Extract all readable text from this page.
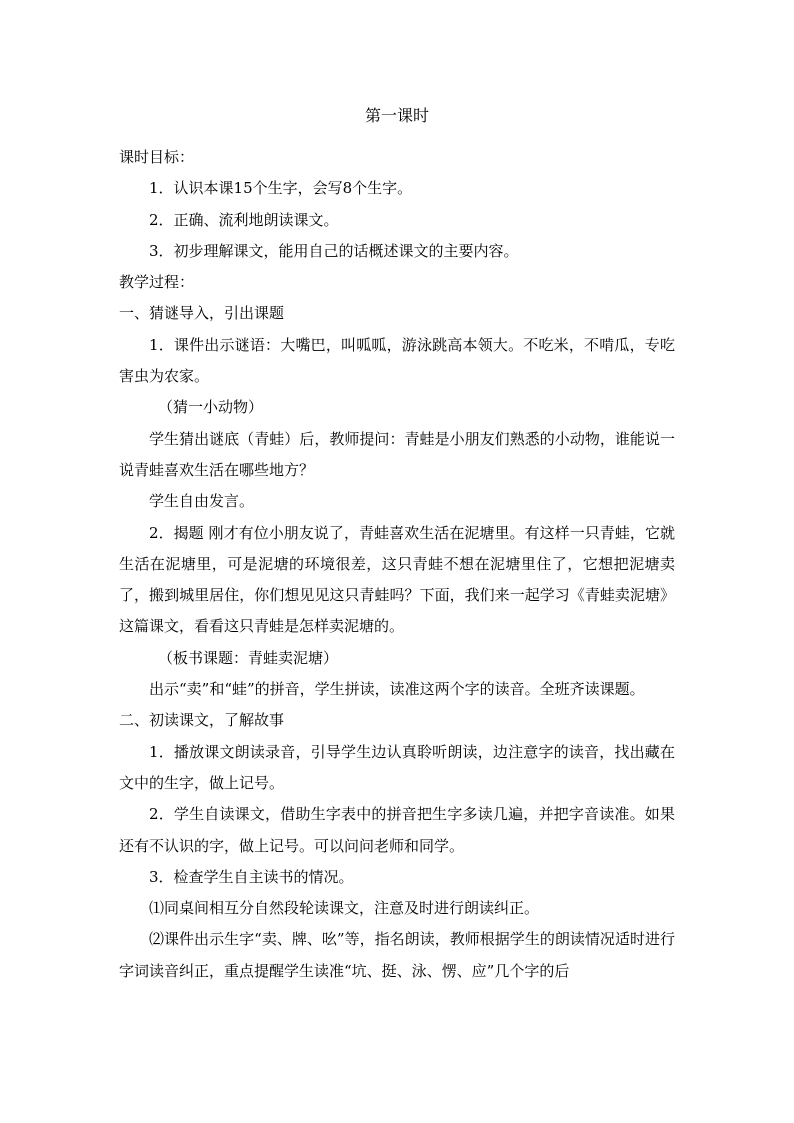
第一课时

课时目标：

1．认识本课15个生字，会写8个生字。

2．正确、流利地朗读课文。

3．初步理解课文，能用自己的话概述课文的主要内容。

教学过程：

一、猜谜导入，引出课题

1．课件出示谜语：大嘴巴，叫呱呱，游泳跳高本领大。不吃米，不啃瓜，专吃害虫为农家。

（猜一小动物）

学生猜出谜底（青蛙）后，教师提问：青蛙是小朋友们熟悉的小动物，谁能说一说青蛙喜欢生活在哪些地方？

学生自由发言。

2．揭题 刚才有位小朋友说了，青蛙喜欢生活在泥塘里。有这样一只青蛙，它就生活在泥塘里，可是泥塘的环境很差，这只青蛙不想在泥塘里住了，它想把泥塘卖了，搬到城里居住，你们想见见这只青蛙吗？下面，我们来一起学习《青蛙卖泥塘》这篇课文，看看这只青蛙是怎样卖泥塘的。

（板书课题：青蛙卖泥塘）

出示“卖”和“蛙”的拼音，学生拼读，读准这两个字的读音。全班齐读课题。

二、初读课文，了解故事

1．播放课文朗读录音，引导学生边认真聆听朗读，边注意字的读音，找出藏在文中的生字，做上记号。

2．学生自读课文，借助生字表中的拼音把生字多读几遍，并把字音读准。如果还有不认识的字，做上记号。可以问问老师和同学。

3．检查学生自主读书的情况。

⑴同桌间相互分自然段轮读课文，注意及时进行朗读纠正。

⑵课件出示生字“卖、牌、吆”等，指名朗读，教师根据学生的朗读情况适时进行字词读音纠正，重点提醒学生读准“坑、挺、泳、愣、应”几个字的后
